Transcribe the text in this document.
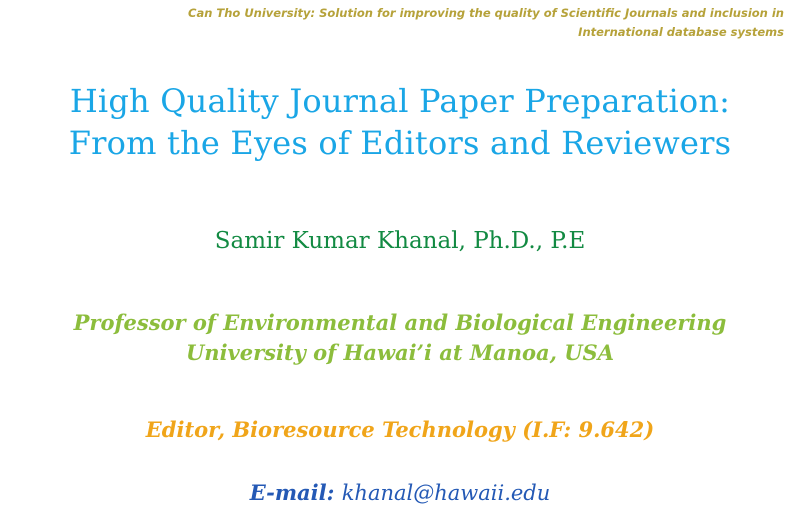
Can Tho University: Solution for improving the quality of Scientific Journals and inclusion in
International database systems
High Quality Journal Paper Preparation:
From the Eyes of Editors and Reviewers
Samir Kumar Khanal, Ph.D., P.E
Professor of Environmental and Biological Engineering
University of Hawai’i at Manoa, USA
Editor, Bioresource Technology (I.F: 9.642)
E-mail: khanal@hawaii.edu
